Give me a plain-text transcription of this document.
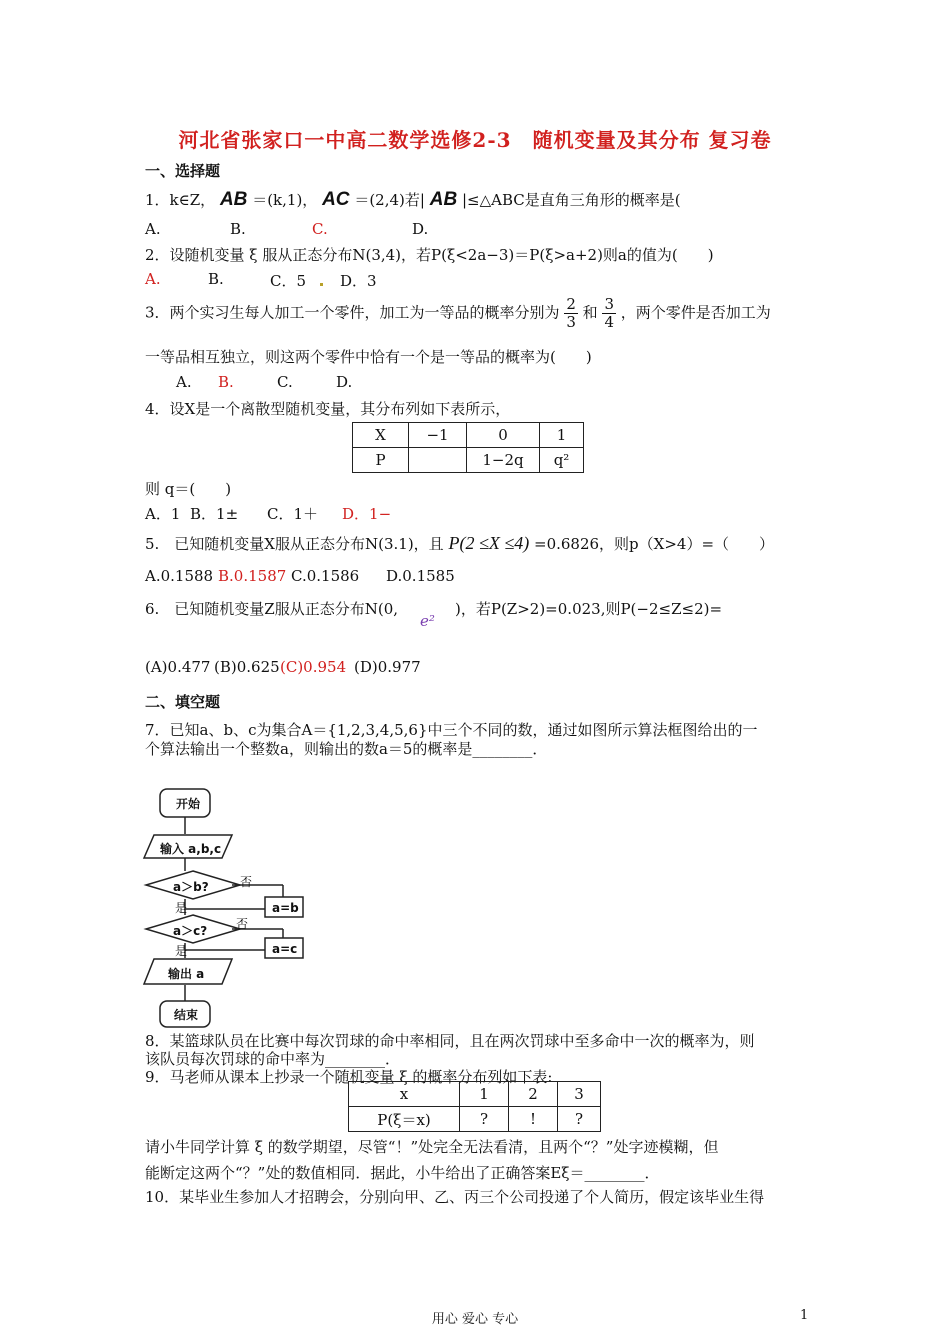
河北省张家口一中高二数学选修2-3　随机变量及其分布 复习卷
一、选择题
1．k∈Z， AB ＝(k,1)， AC ＝(2,4)若| AB |≤△ABC是直角三角形的概率是(
A.	B.	C.	D.
2．设随机变量 ξ 服从正态分布N(3,4)，若P(ξ<2a−3)＝P(ξ>a+2)则a的值为(　　)
A.	B.	C．5 D．3
3．两个实习生每人加工一个零件，加工为一等品的概率分别为 $\frac{2}{3}$ 和 $\frac{3}{4}$ ，两个零件是否加工为
一等品相互独立，则这两个零件中恰有一个是一等品的概率为(　　)
A. B.	C.	D.
4．设X是一个离散型随机变量，其分布列如下表所示，
X	−1	0	1
P		1−2q	q²
则 q＝(　　)
A．1 B．1± C．1＋ D．1−
5.　已知随机变量X服从正态分布N(3.1)，且 P(2 ≤X ≤4) =0.6826，则p（X>4）=（　　）
A.0.1588 B.0.1587 C.0.1586 D.0.1585
6.　已知随机变量Z服从正态分布N(0,
e²
)，若P(Z>2)=0.023,则P(−2≤Z≤2)=
(A)0.477 (B)0.625 (C)0.954 (D)0.977
二、填空题
7．已知a、b、c为集合A＝{1,2,3,4,5,6}中三个不同的数，通过如图所示算法框图给出的一
个算法输出一个整数a，则输出的数a＝5的概率是________．
开始
输入 a,b,c
a＞b?	否
是	a=b
a＞c? 否
是	a=c
输出 a
结束
8．某篮球队员在比赛中每次罚球的命中率相同，且在两次罚球中至多命中一次的概率为，则
该队员每次罚球的命中率为________．
9．马老师从课本上抄录一个随机变量 ξ 的概率分布列如下表:
x	1	2	3
P(ξ＝x)	?	!	?
请小牛同学计算 ξ 的数学期望，尽管“！”处完全无法看清，且两个“？”处字迹模糊，但
能断定这两个“？”处的数值相同．据此，小牛给出了正确答案Eξ＝________．
10．某毕业生参加人才招聘会，分别向甲、乙、丙三个公司投递了个人简历，假定该毕业生得
用心 爱心 专心	1
